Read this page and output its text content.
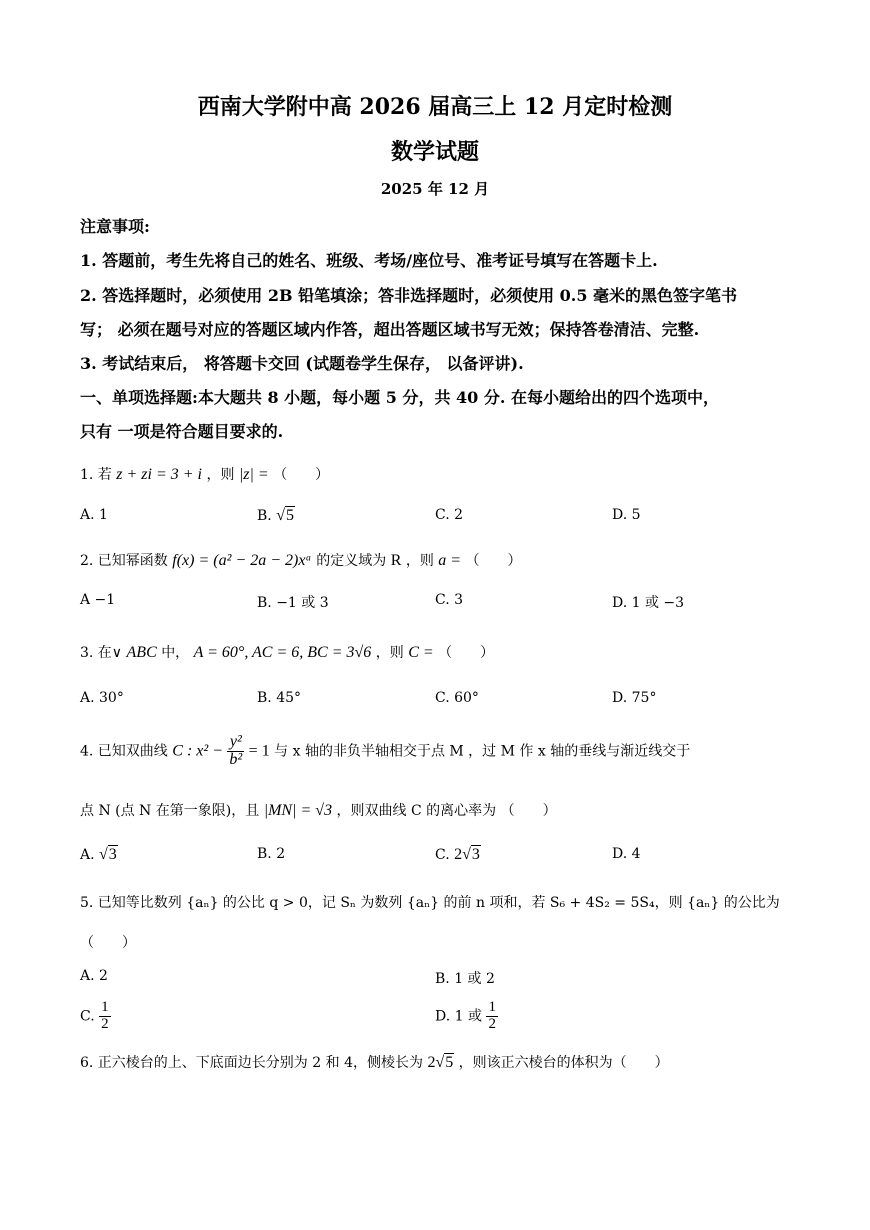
西南大学附中高 2026 届高三上 12 月定时检测
数学试题
2025 年 12 月
注意事项:
1. 答题前，考生先将自己的姓名、班级、考场/座位号、准考证号填写在答题卡上.
2. 答选择题时，必须使用 2B 铅笔填涂；答非选择题时，必须使用 0.5 毫米的黑色签字笔书
写； 必须在题号对应的答题区域内作答，超出答题区域书写无效；保持答卷清洁、完整.
3. 考试结束后， 将答题卡交回 (试题卷学生保存， 以备评讲).
一、单项选择题:本大题共 8 小题，每小题 5 分，共 40 分. 在每小题给出的四个选项中，
只有 一项是符合题目要求的.
1. 若 z + zi = 3 + i ，则 |z| = （　　）
A. 1	B. √5	C. 2	D. 5
2. 已知幂函数 f(x) = (a² − 2a − 2)xᵃ 的定义域为 R ，则 a = （　　）
A −1	B. −1 或 3	C. 3	D. 1 或 −3
3. 在∨ ABC 中， A = 60°, AC = 6, BC = 3√6 ，则 C = （　　）
A. 30°	B. 45°	C. 60°	D. 75°
4. 已知双曲线 C : $x^2 - \frac{\text{y²}}{\text{b²}} = 1$ 与 x 轴的非负半轴相交于点 M ，过 M 作 x 轴的垂线与渐近线交于
点 N (点 N 在第一象限)，且 |MN| = √3 ，则双曲线 C 的离心率为 （　　）
A. √3	B. 2	C. 2√3	D. 4
5. 已知等比数列 {aₙ} 的公比 q > 0，记 Sₙ 为数列 {aₙ} 的前 n 项和，若 S₆ + 4S₂ = 5S₄，则 {aₙ} 的公比为
（　　）
A. 2	B. 1 或 2
C. $\frac{1}{2}$	D. 1 或 $\frac{1}{2}$
6. 正六棱台的上、下底面边长分别为 2 和 4，侧棱长为 2√5 ，则该正六棱台的体积为（　　）
